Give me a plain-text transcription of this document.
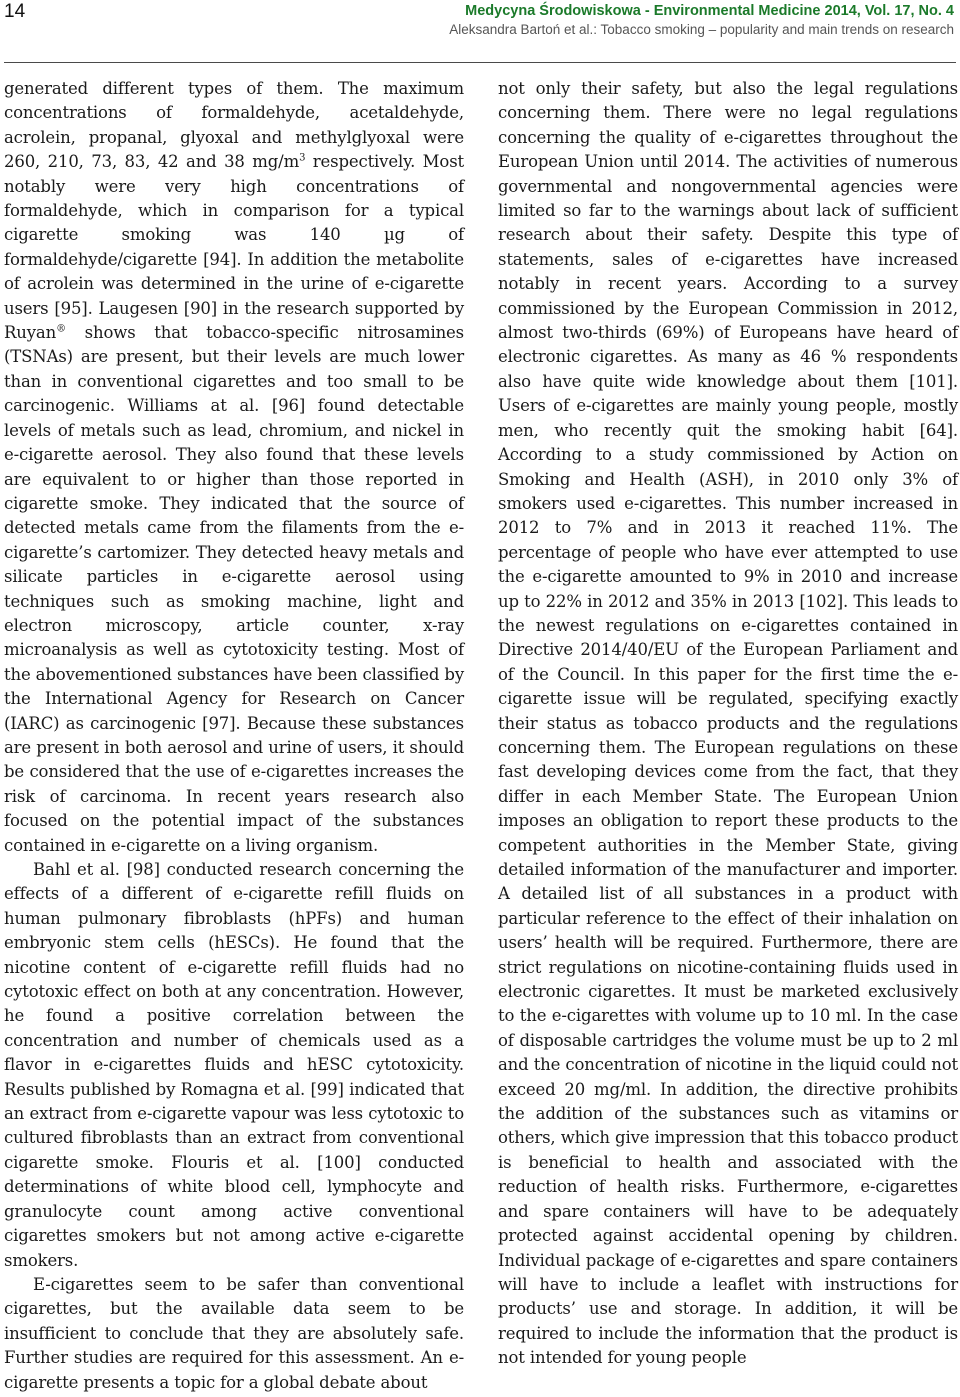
14	Medycyna Środowiskowa - Environmental Medicine 2014, Vol. 17, No. 4
Aleksandra Bartoń et al.: Tobacco smoking – popularity and main trends on research

generated different types of them. The maximum concentrations of formaldehyde, acetaldehyde, acrolein, propanal, glyoxal and methylglyoxal were 260, 210, 73, 83, 42 and 38 $mg/m^3$ respectively. Most notably were very high concentrations of formaldehyde, which in comparison for a typical cigarette smoking was 140 µg of formaldehyde/cigarette [94]. In addition the metabolite of acrolein was determined in the urine of e-cigarette users [95]. Laugesen [90] in the research supported by Ruyan® shows that tobacco-specific nitrosamines (TSNAs) are present, but their levels are much lower than in conventional cigarettes and too small to be carcinogenic. Williams at al. [96] found detectable levels of metals such as lead, chromium, and nickel in e-cigarette aerosol. They also found that these levels are equivalent to or higher than those reported in cigarette smoke. They indicated that the source of detected metals came from the filaments from the e-cigarette’s cartomizer. They detected heavy metals and silicate particles in e-cigarette aerosol using techniques such as smoking machine, light and electron microscopy, article counter, x-ray microanalysis as well as cytotoxicity testing. Most of the abovementioned substances have been classified by the International Agency for Research on Cancer (IARC) as carcinogenic [97]. Because these substances are present in both aerosol and urine of users, it should be considered that the use of e-cigarettes increases the risk of carcinoma. In recent years research also focused on the potential impact of the substances contained in e-cigarette on a living organism.

Bahl et al. [98] conducted research concerning the effects of a different of e-cigarette refill fluids on human pulmonary fibroblasts (hPFs) and human embryonic stem cells (hESCs). He found that the nicotine content of e-cigarette refill fluids had no cytotoxic effect on both at any concentration. However, he found a positive correlation between the concentration and number of chemicals used as a flavor in e-cigarettes fluids and hESC cytotoxicity. Results published by Romagna et al. [99] indicated that an extract from e-cigarette vapour was less cytotoxic to cultured fibroblasts than an extract from conventional cigarette smoke. Flouris et al. [100] conducted determinations of white blood cell, lymphocyte and granulocyte count among active conventional cigarettes smokers but not among active e-cigarette smokers.

E-cigarettes seem to be safer than conventional cigarettes, but the available data seem to be insufficient to conclude that they are absolutely safe. Further studies are required for this assessment. An e-cigarette presents a topic for a global debate about

not only their safety, but also the legal regulations concerning them. There were no legal regulations concerning the quality of e-cigarettes throughout the European Union until 2014. The activities of numerous governmental and nongovernmental agencies were limited so far to the warnings about lack of sufficient research about their safety. Despite this type of statements, sales of e-cigarettes have increased notably in recent years. According to a survey commissioned by the European Commission in 2012, almost two-thirds (69%) of Europeans have heard of electronic cigarettes. As many as 46 % respondents also have quite wide knowledge about them [101]. Users of e-cigarettes are mainly young people, mostly men, who recently quit the smoking habit [64]. According to a study commissioned by Action on Smoking and Health (ASH), in 2010 only 3% of smokers used e-cigarettes. This number increased in 2012 to 7% and in 2013 it reached 11%. The percentage of people who have ever attempted to use the e-cigarette amounted to 9% in 2010 and increase up to 22% in 2012 and 35% in 2013 [102]. This leads to the newest regulations on e-cigarettes contained in Directive 2014/40/EU of the European Parliament and of the Council. In this paper for the first time the e-cigarette issue will be regulated, specifying exactly their status as tobacco products and the regulations concerning them. The European regulations on these fast developing devices come from the fact, that they differ in each Member State. The European Union imposes an obligation to report these products to the competent authorities in the Member State, giving detailed information of the manufacturer and importer. A detailed list of all substances in a product with particular reference to the effect of their inhalation on users’ health will be required. Furthermore, there are strict regulations on nicotine-containing fluids used in electronic cigarettes. It must be marketed exclusively to the e-cigarettes with volume up to 10 ml. In the case of disposable cartridges the volume must be up to 2 ml and the concentration of nicotine in the liquid could not exceed 20 mg/ml. In addition, the directive prohibits the addition of the substances such as vitamins or others, which give impression that this tobacco product is beneficial to health and associated with the reduction of health risks. Furthermore, e-cigarettes and spare containers will have to be adequately protected against accidental opening by children. Individual package of e-cigarettes and spare containers will have to include a leaflet with instructions for products’ use and storage. In addition, it will be required to include the information that the product is not intended for young people
